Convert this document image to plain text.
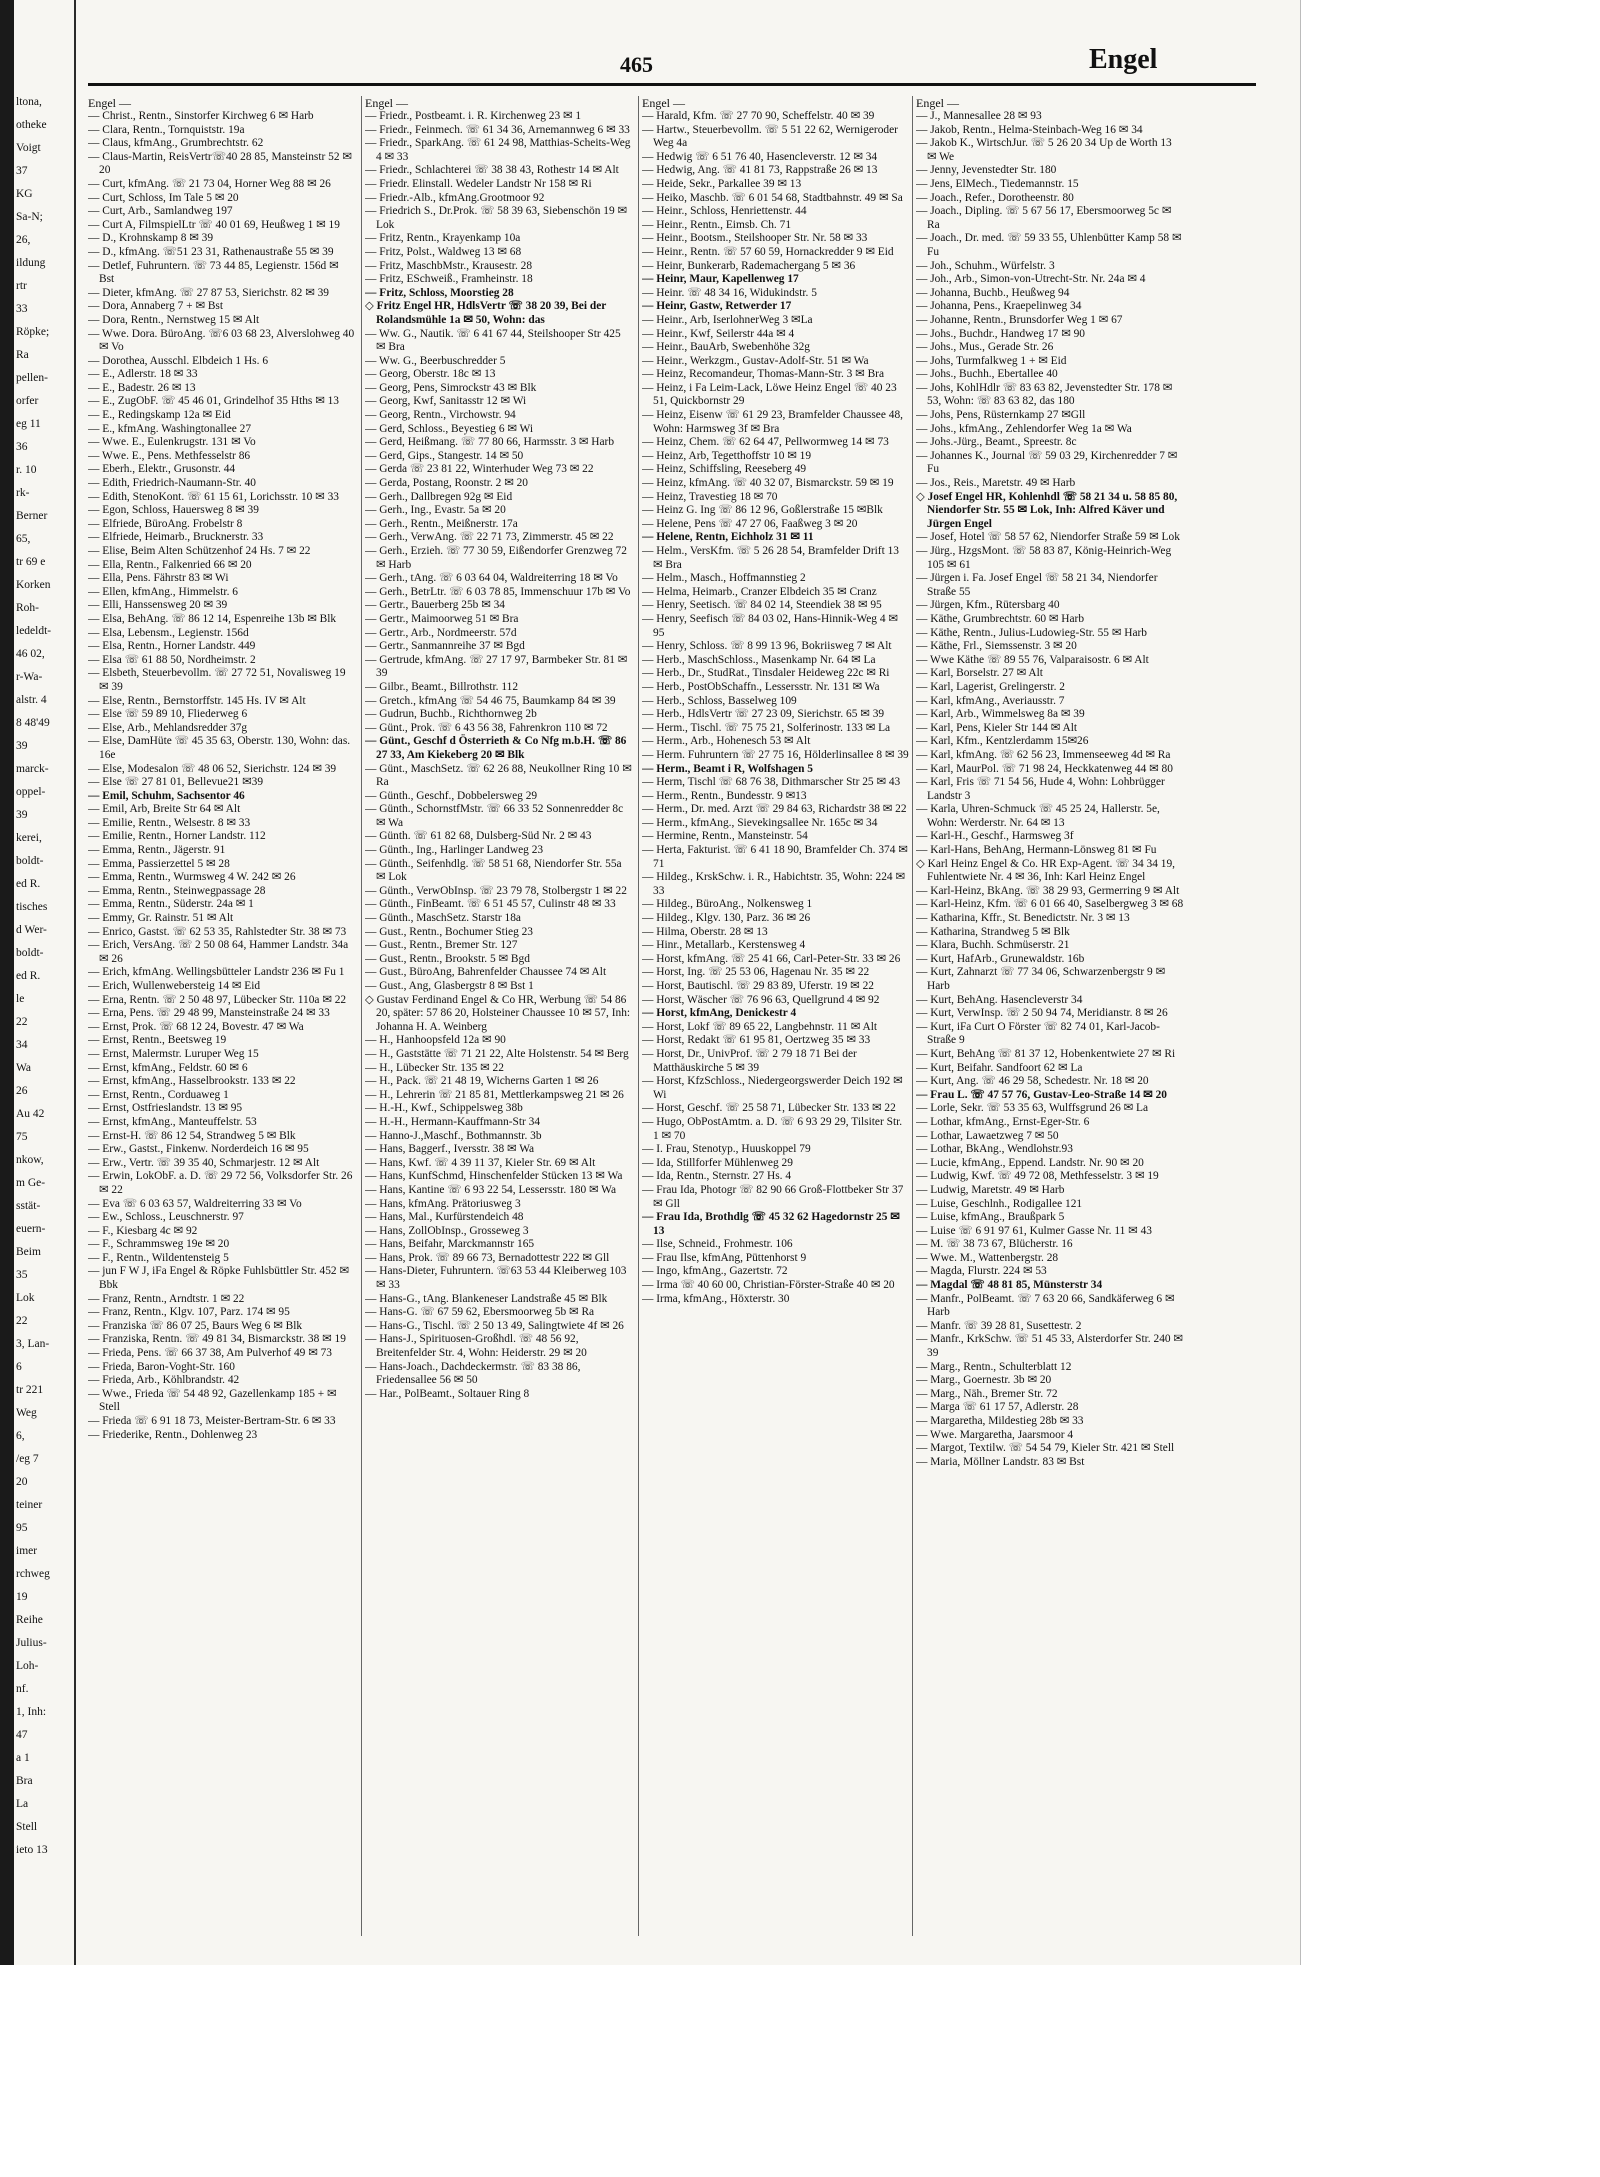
ltona,
otheke
Voigt
37
KG
Sa-N;
26,
ildung
rtr
33
Röpke;
Ra
pellen-
orfer
eg 11
36
r. 10
rk-
Berner
65,
tr 69 e
Korken
Roh-
ledeldt-
46 02,
r-Wa-
alstr. 4
8 48'49
39
marck-
oppel-
39
kerei,
boldt-
ed R.
tisches
d Wer-
boldt-
ed R.
le
22
34
Wa
26
Au 42
75
nkow,
m Ge-
sstät-
euern-
Beim
35
Lok
22
3, Lan-
6
tr 221
Weg
6,
/eg 7
20
teiner
95
imer
rchweg
19
Reihe
Julius-
Loh-
nf.
1, Inh:
47
a 1
Bra
La
Stell
ieto 13
465	Engel
Engel —
— Christ., Rentn., Sinstorfer Kirchweg 6 ✉ Harb
— Clara, Rentn., Tornquiststr. 19a
— Claus, kfmAng., Grumbrechtstr. 62
— Claus-Martin, ReisVertr☏40 28 85, Mansteinstr 52 ✉ 20
— Curt, kfmAng. ☏ 21 73 04, Horner Weg 88 ✉ 26
— Curt, Schloss, Im Tale 5 ✉ 20
— Curt, Arb., Samlandweg 197
— Curt A, FilmspielLtr ☏ 40 01 69, Heußweg 1 ✉ 19
— D., Krohnskamp 8 ✉ 39
— D., kfmAng. ☏51 23 31, Rathenaustraße 55 ✉ 39
— Detlef, Fuhruntern. ☏ 73 44 85, Legienstr. 156d ✉ Bst
— Dieter, kfmAng. ☏ 27 87 53, Sierichstr. 82 ✉ 39
— Dora, Annaberg 7 + ✉ Bst
— Dora, Rentn., Nernstweg 15 ✉ Alt
— Wwe. Dora. BüroAng. ☏6 03 68 23, Alverslohweg 40 ✉ Vo
— Dorothea, Ausschl. Elbdeich 1 Hs. 6
— E., Adlerstr. 18 ✉ 33
— E., Badestr. 26 ✉ 13
— E., ZugObF. ☏ 45 46 01, Grindelhof 35 Hths ✉ 13
— E., Redingskamp 12a ✉ Eid
— E., kfmAng. Washingtonallee 27
— Wwe. E., Eulenkrugstr. 131 ✉ Vo
— Wwe. E., Pens. Methfesselstr 86
— Eberh., Elektr., Grusonstr. 44
— Edith, Friedrich-Naumann-Str. 40
— Edith, StenoKont. ☏ 61 15 61, Lorichsstr. 10 ✉ 33
— Egon, Schloss, Hauersweg 8 ✉ 39
— Elfriede, BüroAng. Frobelstr 8
— Elfriede, Heimarb., Brucknerstr. 33
— Elise, Beim Alten Schützenhof 24 Hs. 7 ✉ 22
— Ella, Rentn., Falkenried 66 ✉ 20
— Ella, Pens. Fährstr 83 ✉ Wi
— Ellen, kfmAng., Himmelstr. 6
— Elli, Hanssensweg 20 ✉ 39
— Elsa, BehAng. ☏ 86 12 14, Espenreihe 13b ✉ Blk
— Elsa, Lebensm., Legienstr. 156d
— Elsa, Rentn., Horner Landstr. 449
— Elsa ☏ 61 88 50, Nordheimstr. 2
— Elsbeth, Steuerbevollm. ☏ 27 72 51, Novalisweg 19 ✉ 39
— Else, Rentn., Bernstorffstr. 145 Hs. IV ✉ Alt
— Else ☏ 59 89 10, Fliederweg 6
— Else, Arb., Mehlandsredder 37g
— Else, DamHüte ☏ 45 35 63, Oberstr. 130, Wohn: das. 16e
— Else, Modesalon ☏ 48 06 52, Sierichstr. 124 ✉ 39
— Else ☏ 27 81 01, Bellevue21 ✉39
— Emil, Schuhm, Sachsentor 46
— Emil, Arb, Breite Str 64 ✉ Alt
— Emilie, Rentn., Welsestr. 8 ✉ 33
— Emilie, Rentn., Horner Landstr. 112
— Emma, Rentn., Jägerstr. 91
— Emma, Passierzettel 5 ✉ 28
— Emma, Rentn., Wurmsweg 4 W. 242 ✉ 26
— Emma, Rentn., Steinwegpassage 28
— Emma, Rentn., Süderstr. 24a ✉ 1
— Emmy, Gr. Rainstr. 51 ✉ Alt
— Enrico, Gastst. ☏ 62 53 35, Rahlstedter Str. 38 ✉ 73
— Erich, VersAng. ☏ 2 50 08 64, Hammer Landstr. 34a ✉ 26
— Erich, kfmAng. Wellingsbütteler Landstr 236 ✉ Fu 1
— Erich, Wullenwebersteig 14 ✉ Eid
— Erna, Rentn. ☏ 2 50 48 97, Lübecker Str. 110a ✉ 22
— Erna, Pens. ☏ 29 48 99, Mansteinstraße 24 ✉ 33
— Ernst, Prok. ☏ 68 12 24, Bovestr. 47 ✉ Wa
— Ernst, Rentn., Beetsweg 19
— Ernst, Malermstr. Luruper Weg 15
— Ernst, kfmAng., Feldstr. 60 ✉ 6
— Ernst, kfmAng., Hasselbrookstr. 133 ✉ 22
— Ernst, Rentn., Corduaweg 1
— Ernst, Ostfrieslandstr. 13 ✉ 95
— Ernst, kfmAng., Manteuffelstr. 53
— Ernst-H. ☏ 86 12 54, Strandweg 5 ✉ Blk
— Erw., Gastst., Finkenw. Norderdeich 16 ✉ 95
— Erw., Vertr. ☏ 39 35 40, Schmarjestr. 12 ✉ Alt
— Erwin, LokObF. a. D. ☏ 29 72 56, Volksdorfer Str. 26 ✉ 22
— Eva ☏ 6 03 63 57, Waldreiterring 33 ✉ Vo
— Ew., Schloss., Leuschnerstr. 97
— F., Kiesbarg 4c ✉ 92
— F., Schrammsweg 19e ✉ 20
— F., Rentn., Wildentensteig 5
— jun F W J, iFa Engel & Röpke Fuhlsbüttler Str. 452 ✉ Bbk
— Franz, Rentn., Arndtstr. 1 ✉ 22
— Franz, Rentn., Klgv. 107, Parz. 174 ✉ 95
— Franziska ☏ 86 07 25, Baurs Weg 6 ✉ Blk
— Franziska, Rentn. ☏ 49 81 34, Bismarckstr. 38 ✉ 19
— Frieda, Pens. ☏ 66 37 38, Am Pulverhof 49 ✉ 73
— Frieda, Baron-Voght-Str. 160
— Frieda, Arb., Köhlbrandstr. 42
— Wwe., Frieda ☏ 54 48 92, Gazellenkamp 185 + ✉ Stell
— Frieda ☏ 6 91 18 73, Meister-Bertram-Str. 6 ✉ 33
— Friederike, Rentn., Dohlenweg 23
Engel —
— Friedr., Postbeamt. i. R. Kirchenweg 23 ✉ 1
— Friedr., Feinmech. ☏ 61 34 36, Arnemannweg 6 ✉ 33
— Friedr., SparkAng. ☏ 61 24 98, Matthias-Scheits-Weg 4 ✉ 33
— Friedr., Schlachterei ☏ 38 38 43, Rothestr 14 ✉ Alt
— Friedr. Elinstall. Wedeler Landstr Nr 158 ✉ Ri
— Friedr.-Alb., kfmAng.Grootmoor 92
— Friedrich S., Dr.Prok. ☏ 58 39 63, Siebenschön 19 ✉ Lok
— Fritz, Rentn., Krayenkamp 10a
— Fritz, Polst., Waldweg 13 ✉ 68
— Fritz, MaschbMstr., Krausestr. 28
— Fritz, ESchweiß., Framheinstr. 18
— Fritz, Schloss, Moorstieg 28
◇ Fritz Engel HR, HdlsVertr ☏ 38 20 39, Bei der Rolandsmühle 1a ✉ 50, Wohn: das
— Ww. G., Nautik. ☏ 6 41 67 44, Steilshooper Str 425 ✉ Bra
— Ww. G., Beerbuschredder 5
— Georg, Oberstr. 18c ✉ 13
— Georg, Pens, Simrockstr 43 ✉ Blk
— Georg, Kwf, Sanitasstr 12 ✉ Wi
— Georg, Rentn., Virchowstr. 94
— Gerd, Schloss., Beyestieg 6 ✉ Wi
— Gerd, Heißmang. ☏ 77 80 66, Harmsstr. 3 ✉ Harb
— Gerd, Gips., Stangestr. 14 ✉ 50
— Gerda ☏ 23 81 22, Winterhuder Weg 73 ✉ 22
— Gerda, Postang, Roonstr. 2 ✉ 20
— Gerh., Dallbregen 92g ✉ Eid
— Gerh., Ing., Evastr. 5a ✉ 20
— Gerh., Rentn., Meißnerstr. 17a
— Gerh., VerwAng. ☏ 22 71 73, Zimmerstr. 45 ✉ 22
— Gerh., Erzieh. ☏ 77 30 59, Eißendorfer Grenzweg 72 ✉ Harb
— Gerh., tAng. ☏ 6 03 64 04, Waldreiterring 18 ✉ Vo
— Gerh., BetrLtr. ☏ 6 03 78 85, Immenschuur 17b ✉ Vo
— Gertr., Bauerberg 25b ✉ 34
— Gertr., Maimoorweg 51 ✉ Bra
— Gertr., Arb., Nordmeerstr. 57d
— Gertr., Sanmannreihe 37 ✉ Bgd
— Gertrude, kfmAng. ☏ 27 17 97, Barmbeker Str. 81 ✉ 39
— Gilbr., Beamt., Billrothstr. 112
— Gretch., kfmAng ☏ 54 46 75, Baumkamp 84 ✉ 39
— Gudrun, Buchb., Richthornweg 2b
— Günt., Prok. ☏ 6 43 56 38, Fahrenkron 110 ✉ 72
— Günt., Geschf d Österrieth & Co Nfg m.b.H. ☏ 86 27 33, Am Kiekeberg 20 ✉ Blk
— Günt., MaschSetz. ☏ 62 26 88, Neukollner Ring 10 ✉ Ra
— Günth., Geschf., Dobbelersweg 29
— Günth., SchornstfMstr. ☏ 66 33 52 Sonnenredder 8c ✉ Wa
— Günth. ☏ 61 82 68, Dulsberg-Süd Nr. 2 ✉ 43
— Günth., Ing., Harlinger Landweg 23
— Günth., Seifenhdlg. ☏ 58 51 68, Niendorfer Str. 55a ✉ Lok
— Günth., VerwObInsp. ☏ 23 79 78, Stolbergstr 1 ✉ 22
— Günth., FinBeamt. ☏ 6 51 45 57, Culinstr 48 ✉ 33
— Günth., MaschSetz. Starstr 18a
— Gust., Rentn., Bochumer Stieg 23
— Gust., Rentn., Bremer Str. 127
— Gust., Rentn., Brookstr. 5 ✉ Bgd
— Gust., BüroAng, Bahrenfelder Chaussee 74 ✉ Alt
— Gust., Ang, Glasbergstr 8 ✉ Bst 1
◇ Gustav Ferdinand Engel & Co HR, Werbung ☏ 54 86 20, später: 57 86 20, Holsteiner Chaussee 10 ✉ 57, Inh: Johanna H. A. Weinberg
— H., Hanhoopsfeld 12a ✉ 90
— H., Gaststätte ☏ 71 21 22, Alte Holstenstr. 54 ✉ Berg
— H., Lübecker Str. 135 ✉ 22
— H., Pack. ☏ 21 48 19, Wicherns Garten 1 ✉ 26
— H., Lehrerin ☏ 21 85 81, Mettlerkampsweg 21 ✉ 26
— H.-H., Kwf., Schippelsweg 38b
— H.-H., Hermann-Kauffmann-Str 34
— Hanno-J.,Maschf., Bothmannstr. 3b
— Hans, Baggerf., Iversstr. 38 ✉ Wa
— Hans, Kwf. ☏ 4 39 11 37, Kieler Str. 69 ✉ Alt
— Hans, KunfSchmd, Hinschenfelder Stücken 13 ✉ Wa
— Hans, Kantine ☏ 6 93 22 54, Lessersstr. 180 ✉ Wa
— Hans, kfmAng. Prätoriusweg 3
— Hans, Mal., Kurfürstendeich 48
— Hans, ZollObInsp., Grosseweg 3
— Hans, Beifahr, Marckmannstr 165
— Hans, Prok. ☏ 89 66 73, Bernadottestr 222 ✉ Gll
— Hans-Dieter, Fuhruntern. ☏63 53 44 Kleiberweg 103 ✉ 33
— Hans-G., tAng. Blankeneser Landstraße 45 ✉ Blk
— Hans-G. ☏ 67 59 62, Ebersmoorweg 5b ✉ Ra
— Hans-G., Tischl. ☏ 2 50 13 49, Salingtwiete 4f ✉ 26
— Hans-J., Spirituosen-Großhdl. ☏ 48 56 92, Breitenfelder Str. 4, Wohn: Heiderstr. 29 ✉ 20
— Hans-Joach., Dachdeckermstr. ☏ 83 38 86, Friedensallee 56 ✉ 50
— Har., PolBeamt., Soltauer Ring 8
Engel —
— Harald, Kfm. ☏ 27 70 90, Scheffelstr. 40 ✉ 39
— Hartw., Steuerbevollm. ☏ 5 51 22 62, Wernigeroder Weg 4a
— Hedwig ☏ 6 51 76 40, Hasencleverstr. 12 ✉ 34
— Hedwig, Ang. ☏ 41 81 73, Rappstraße 26 ✉ 13
— Heide, Sekr., Parkallee 39 ✉ 13
— Heiko, Maschb. ☏ 6 01 54 68, Stadtbahnstr. 49 ✉ Sa
— Heinr., Schloss, Henriettenstr. 44
— Heinr., Rentn., Eimsb. Ch. 71
— Heinr., Bootsm., Steilshooper Str. Nr. 58 ✉ 33
— Heinr., Rentn. ☏ 57 60 59, Hornackredder 9 ✉ Eid
— Heinr, Bunkerarb, Rademachergang 5 ✉ 36
— Heinr, Maur, Kapellenweg 17
— Heinr. ☏ 48 34 16, Widukindstr. 5
— Heinr, Gastw, Retwerder 17
— Heinr., Arb, IserlohnerWeg 3 ✉La
— Heinr., Kwf, Seilerstr 44a ✉ 4
— Heinr., BauArb, Swebenhöhe 32g
— Heinr., Werkzgm., Gustav-Adolf-Str. 51 ✉ Wa
— Heinz, Recomandeur, Thomas-Mann-Str. 3 ✉ Bra
— Heinz, i Fa Leim-Lack, Löwe Heinz Engel ☏ 40 23 51, Quickbornstr 29
— Heinz, Eisenw ☏ 61 29 23, Bramfelder Chaussee 48, Wohn: Harmsweg 3f ✉ Bra
— Heinz, Chem. ☏ 62 64 47, Pellwormweg 14 ✉ 73
— Heinz, Arb, Tegetthoffstr 10 ✉ 19
— Heinz, Schiffsling, Reeseberg 49
— Heinz, kfmAng. ☏ 40 32 07, Bismarckstr. 59 ✉ 19
— Heinz, Travestieg 18 ✉ 70
— Heinz G. Ing ☏ 86 12 96, Goßlerstraße 15 ✉Blk
— Helene, Pens ☏ 47 27 06, Faaßweg 3 ✉ 20
— Helene, Rentn, Eichholz 31 ✉ 11
— Helm., VersKfm. ☏ 5 26 28 54, Bramfelder Drift 13 ✉ Bra
— Helm., Masch., Hoffmannstieg 2
— Helma, Heimarb., Cranzer Elbdeich 35 ✉ Cranz
— Henry, Seetisch. ☏ 84 02 14, Steendiek 38 ✉ 95
— Henry, Seefisch ☏ 84 03 02, Hans-Hinnik-Weg 4 ✉ 95
— Henry, Schloss. ☏ 8 99 13 96, Bokriisweg 7 ✉ Alt
— Herb., MaschSchloss., Masenkamp Nr. 64 ✉ La
— Herb., Dr., StudRat., Tinsdaler Heideweg 22c ✉ Ri
— Herb., PostObSchaffn., Lessersstr. Nr. 131 ✉ Wa
— Herb., Schloss, Basselweg 109
— Herb., HdlsVertr ☏ 27 23 09, Sierichstr. 65 ✉ 39
— Herm., Tischl. ☏ 75 75 21, Solferinostr. 133 ✉ La
— Herm., Arb., Hohenesch 53 ✉ Alt
— Herm. Fuhruntern ☏ 27 75 16, Hölderlinsallee 8 ✉ 39
— Herm., Beamt i R, Wolfshagen 5
— Herm, Tischl ☏ 68 76 38, Dithmarscher Str 25 ✉ 43
— Herm., Rentn., Bundesstr. 9 ✉13
— Herm., Dr. med. Arzt ☏ 29 84 63, Richardstr 38 ✉ 22
— Herm., kfmAng., Sievekingsallee Nr. 165c ✉ 34
— Hermine, Rentn., Mansteinstr. 54
— Herta, Fakturist. ☏ 6 41 18 90, Bramfelder Ch. 374 ✉ 71
— Hildeg., KrskSchw. i. R., Habichtstr. 35, Wohn: 224 ✉ 33
— Hildeg., BüroAng., Nolkensweg 1
— Hildeg., Klgv. 130, Parz. 36 ✉ 26
— Hilma, Oberstr. 28 ✉ 13
— Hinr., Metallarb., Kerstensweg 4
— Horst, kfmAng. ☏ 25 41 66, Carl-Peter-Str. 33 ✉ 26
— Horst, Ing. ☏ 25 53 06, Hagenau Nr. 35 ✉ 22
— Horst, Bautischl. ☏ 29 83 89, Uferstr. 19 ✉ 22
— Horst, Wäscher ☏ 76 96 63, Quellgrund 4 ✉ 92
— Horst, kfmAng, Denickestr 4
— Horst, Lokf ☏ 89 65 22, Langbehnstr. 11 ✉ Alt
— Horst, Redakt ☏ 61 95 81, Oertzweg 35 ✉ 33
— Horst, Dr., UnivProf. ☏ 2 79 18 71 Bei der Matthäuskirche 5 ✉ 39
— Horst, KfzSchloss., Niedergeorgswerder Deich 192 ✉ Wi
— Horst, Geschf. ☏ 25 58 71, Lübecker Str. 133 ✉ 22
— Hugo, ObPostAmtm. a. D. ☏ 6 93 29 29, Tilsiter Str. 1 ✉ 70
— I. Frau, Stenotyp., Huuskoppel 79
— Ida, Stillforfer Mühlenweg 29
— Ida, Rentn., Sternstr. 27 Hs. 4
— Frau Ida, Photogr ☏ 82 90 66 Groß-Flottbeker Str 37 ✉ Gll
— Frau Ida, Brothdlg ☏ 45 32 62 Hagedornstr 25 ✉ 13
— Ilse, Schneid., Frohmestr. 106
— Frau Ilse, kfmAng, Püttenhorst 9
— Ingo, kfmAng., Gazertstr. 72
— Irma ☏ 40 60 00, Christian-Förster-Straße 40 ✉ 20
— Irma, kfmAng., Höxterstr. 30
Engel —
— J., Mannesallee 28 ✉ 93
— Jakob, Rentn., Helma-Steinbach-Weg 16 ✉ 34
— Jakob K., WirtschJur. ☏ 5 26 20 34 Up de Worth 13 ✉ We
— Jenny, Jevenstedter Str. 180
— Jens, ElMech., Tiedemannstr. 15
— Joach., Refer., Dorotheenstr. 80
— Joach., Dipling. ☏ 5 67 56 17, Ebersmoorweg 5c ✉ Ra
— Joach., Dr. med. ☏ 59 33 55, Uhlenbütter Kamp 58 ✉ Fu
— Joh., Schuhm., Würfelstr. 3
— Joh., Arb., Simon-von-Utrecht-Str. Nr. 24a ✉ 4
— Johanna, Buchb., Heußweg 94
— Johanna, Pens., Kraepelinweg 34
— Johanne, Rentn., Brunsdorfer Weg 1 ✉ 67
— Johs., Buchdr., Handweg 17 ✉ 90
— Johs., Mus., Gerade Str. 26
— Johs, Turmfalkweg 1 + ✉ Eid
— Johs., Buchh., Ebertallee 40
— Johs, KohlHdlr ☏ 83 63 82, Jevenstedter Str. 178 ✉ 53, Wohn: ☏ 83 63 82, das 180
— Johs, Pens, Rüsternkamp 27 ✉Gll
— Johs., kfmAng., Zehlendorfer Weg 1a ✉ Wa
— Johs.-Jürg., Beamt., Spreestr. 8c
— Johannes K., Journal ☏ 59 03 29, Kirchenredder 7 ✉ Fu
— Jos., Reis., Maretstr. 49 ✉ Harb
◇ Josef Engel HR, Kohlenhdl ☏ 58 21 34 u. 58 85 80, Niendorfer Str. 55 ✉ Lok, Inh: Alfred Käver und Jürgen Engel
— Josef, Hotel ☏ 58 57 62, Niendorfer Straße 59 ✉ Lok
— Jürg., HzgsMont. ☏ 58 83 87, König-Heinrich-Weg 105 ✉ 61
— Jürgen i. Fa. Josef Engel ☏ 58 21 34, Niendorfer Straße 55
— Jürgen, Kfm., Rütersbarg 40
— Käthe, Grumbrechtstr. 60 ✉ Harb
— Käthe, Rentn., Julius-Ludowieg-Str. 55 ✉ Harb
— Käthe, Frl., Siemssenstr. 3 ✉ 20
— Wwe Käthe ☏ 89 55 76, Valparaisostr. 6 ✉ Alt
— Karl, Borselstr. 27 ✉ Alt
— Karl, Lagerist, Grelingerstr. 2
— Karl, kfmAng., Averiausstr. 7
— Karl, Arb., Wimmelsweg 8a ✉ 39
— Karl, Pens, Kieler Str 144 ✉ Alt
— Karl, Kfm., Kentzlerdamm 15✉26
— Karl, kfmAng. ☏ 62 56 23, Immenseeweg 4d ✉ Ra
— Karl, MaurPol. ☏ 71 98 24, Heckkatenweg 44 ✉ 80
— Karl, Fris ☏ 71 54 56, Hude 4, Wohn: Lohbrügger Landstr 3
— Karla, Uhren-Schmuck ☏ 45 25 24, Hallerstr. 5e, Wohn: Werderstr. Nr. 64 ✉ 13
— Karl-H., Geschf., Harmsweg 3f
— Karl-Hans, BehAng, Hermann-Lönsweg 81 ✉ Fu
◇ Karl Heinz Engel & Co. HR Exp-Agent. ☏ 34 34 19, Fuhlentwiete Nr. 4 ✉ 36, Inh: Karl Heinz Engel
— Karl-Heinz, BkAng. ☏ 38 29 93, Germerring 9 ✉ Alt
— Karl-Heinz, Kfm. ☏ 6 01 66 40, Saselbergweg 3 ✉ 68
— Katharina, Kffr., St. Benedictstr. Nr. 3 ✉ 13
— Katharina, Strandweg 5 ✉ Blk
— Klara, Buchh. Schmüserstr. 21
— Kurt, HafArb., Grunewaldstr. 16b
— Kurt, Zahnarzt ☏ 77 34 06, Schwarzenbergstr 9 ✉Harb
— Kurt, BehAng. Hasencleverstr 34
— Kurt, VerwInsp. ☏ 2 50 94 74, Meridianstr. 8 ✉ 26
— Kurt, iFa Curt O Förster ☏ 82 74 01, Karl-Jacob-Straße 9
— Kurt, BehAng ☏ 81 37 12, Hobenkentwiete 27 ✉ Ri
— Kurt, Beifahr. Sandfoort 62 ✉ La
— Kurt, Ang. ☏ 46 29 58, Schedestr. Nr. 18 ✉ 20
— Frau L. ☏ 47 57 76, Gustav-Leo-Straße 14 ✉ 20
— Lorle, Sekr. ☏ 53 35 63, Wulffsgrund 26 ✉ La
— Lothar, kfmAng., Ernst-Eger-Str. 6
— Lothar, Lawaetzweg 7 ✉ 50
— Lothar, BkAng., Wendlohstr.93
— Lucie, kfmAng., Eppend. Landstr. Nr. 90 ✉ 20
— Ludwig, Kwf. ☏ 49 72 08, Methfesselstr. 3 ✉ 19
— Ludwig, Maretstr. 49 ✉ Harb
— Luise, Geschlnh., Rodigallee 121
— Luise, kfmAng., Braußpark 5
— Luise ☏ 6 91 97 61, Kulmer Gasse Nr. 11 ✉ 43
— M. ☏ 38 73 67, Blücherstr. 16
— Wwe. M., Wattenbergstr. 28
— Magda, Flurstr. 224 ✉ 53
— Magdal ☏ 48 81 85, Münsterstr 34
— Manfr., PolBeamt. ☏ 7 63 20 66, Sandkäferweg 6 ✉ Harb
— Manfr. ☏ 39 28 81, Susettestr. 2
— Manfr., KrkSchw. ☏ 51 45 33, Alsterdorfer Str. 240 ✉ 39
— Marg., Rentn., Schulterblatt 12
— Marg., Goernestr. 3b ✉ 20
— Marg., Näh., Bremer Str. 72
— Marga ☏ 61 17 57, Adlerstr. 28
— Margaretha, Mildestieg 28b ✉ 33
— Wwe. Margaretha, Jaarsmoor 4
— Margot, Textilw. ☏ 54 54 79, Kieler Str. 421 ✉ Stell
— Maria, Möllner Landstr. 83 ✉ Bst
